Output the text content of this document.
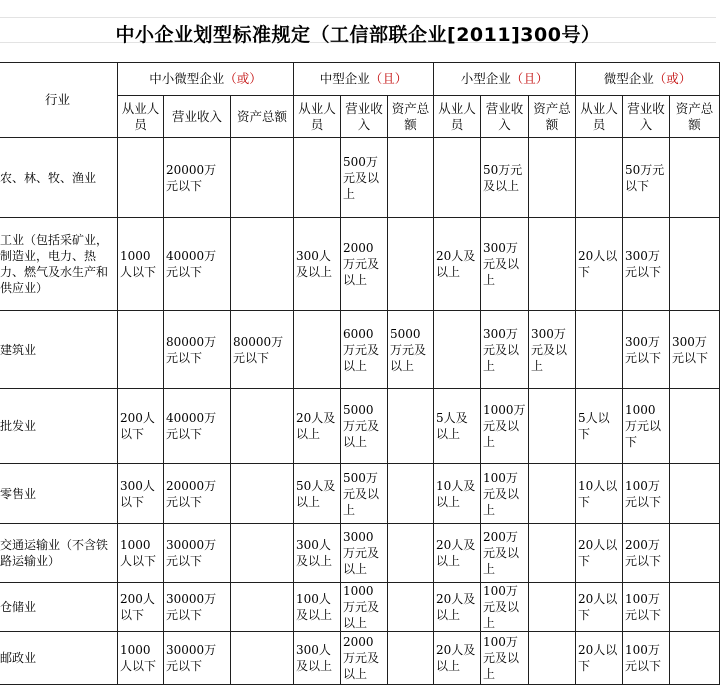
中小企业划型标准规定（工信部联企业[2011]300号）
行业	中小微型企业（或）			中型企业（且）			小型企业（且）			微型企业（或）		
	从业人员	营业收入	资产总额	从业人员	营业收入	资产总额	从业人员	营业收入	资产总额	从业人员	营业收入	资产总额
农、林、牧、渔业		20000万元以下			500万元及以上			50万元及以上			50万元以下	
工业（包括采矿业，制造业，电力、热力、燃气及水生产和供应业）	1000人以下	40000万元以下		300人及以上	2000万元及以上		20人及以上	300万元及以上		20人以下	300万元以下	
建筑业		80000万元以下	80000万元以下		6000万元及以上	5000万元及以上		300万元及以上	300万元及以上		300万元以下	300万元以下
批发业	200人以下	40000万元以下		20人及以上	5000万元及以上		5人及以上	1000万元及以上		5人以下	1000万元以下	
零售业	300人以下	20000万元以下		50人及以上	500万元及以上		10人及以上	100万元及以上		10人以下	100万元以下	
交通运输业（不含铁路运输业）	1000人以下	30000万元以下		300人及以上	3000万元及以上		20人及以上	200万元及以上		20人以下	200万元以下	
仓储业	200人以下	30000万元以下		100人及以上	1000万元及以上		20人及以上	100万元及以上		20人以下	100万元以下	
邮政业	1000人以下	30000万元以下		300人及以上	2000万元及以上		20人及以上	100万元及以上		20人以下	100万元以下	
